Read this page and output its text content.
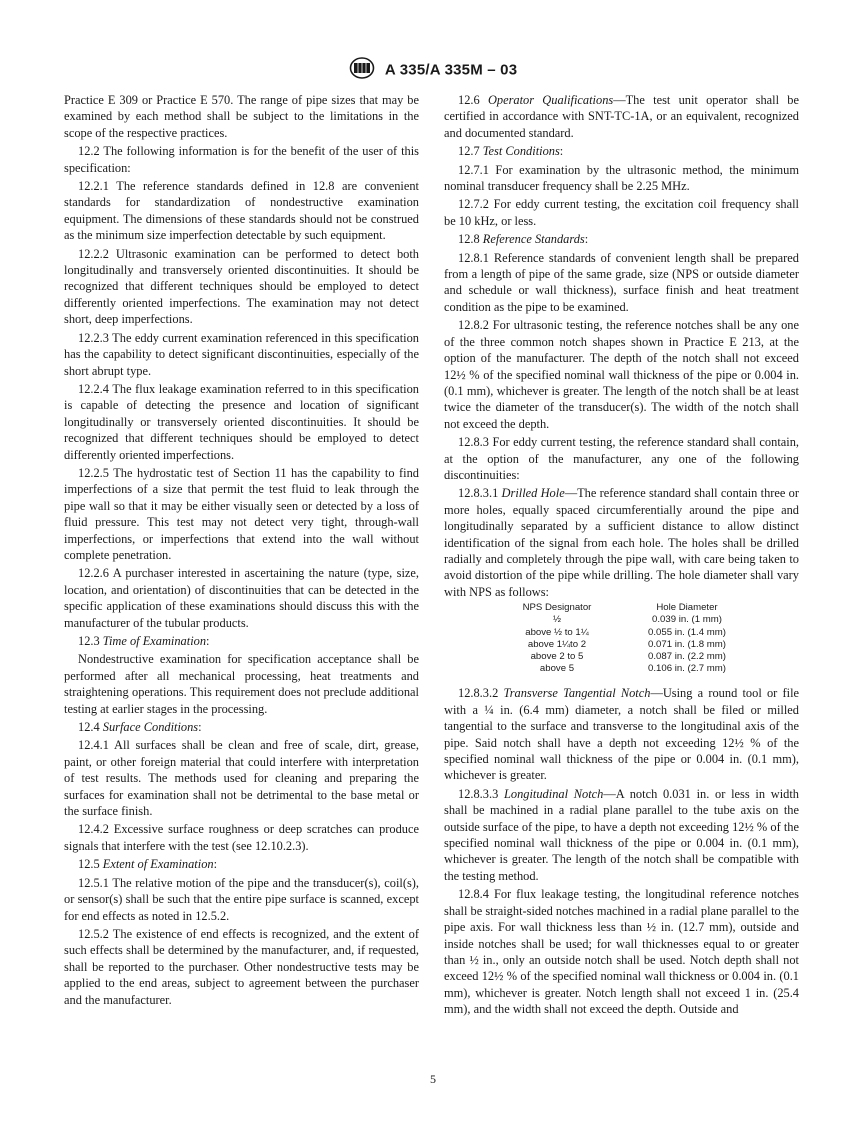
A 335/A 335M – 03

Practice E 309 or Practice E 570. The range of pipe sizes that may be examined by each method shall be subject to the limitations in the scope of the respective practices.

12.2 The following information is for the benefit of the user of this specification:

12.2.1 The reference standards defined in 12.8 are convenient standards for standardization of nondestructive examination equipment. The dimensions of these standards should not be construed as the minimum size imperfection detectable by such equipment.

12.2.2 Ultrasonic examination can be performed to detect both longitudinally and transversely oriented discontinuities. It should be recognized that different techniques should be employed to detect differently oriented imperfections. The examination may not detect short, deep imperfections.

12.2.3 The eddy current examination referenced in this specification has the capability to detect significant discontinuities, especially of the short abrupt type.

12.2.4 The flux leakage examination referred to in this specification is capable of detecting the presence and location of significant longitudinally or transversely oriented discontinuities. It should be recognized that different techniques should be employed to detect differently oriented imperfections.

12.2.5 The hydrostatic test of Section 11 has the capability to find imperfections of a size that permit the test fluid to leak through the pipe wall so that it may be either visually seen or detected by a loss of fluid pressure. This test may not detect very tight, through-wall imperfections, or imperfections that extend into the wall without complete penetration.

12.2.6 A purchaser interested in ascertaining the nature (type, size, location, and orientation) of discontinuities that can be detected in the specific application of these examinations should discuss this with the manufacturer of the tubular products.

12.3 Time of Examination:

Nondestructive examination for specification acceptance shall be performed after all mechanical processing, heat treatments and straightening operations. This requirement does not preclude additional testing at earlier stages in the processing.

12.4 Surface Conditions:

12.4.1 All surfaces shall be clean and free of scale, dirt, grease, paint, or other foreign material that could interfere with interpretation of test results. The methods used for cleaning and preparing the surfaces for examination shall not be detrimental to the base metal or the surface finish.

12.4.2 Excessive surface roughness or deep scratches can produce signals that interfere with the test (see 12.10.2.3).

12.5 Extent of Examination:

12.5.1 The relative motion of the pipe and the transducer(s), coil(s), or sensor(s) shall be such that the entire pipe surface is scanned, except for end effects as noted in 12.5.2.

12.5.2 The existence of end effects is recognized, and the extent of such effects shall be determined by the manufacturer, and, if requested, shall be reported to the purchaser. Other nondestructive tests may be applied to the end areas, subject to agreement between the purchaser and the manufacturer.

12.6 Operator Qualifications—The test unit operator shall be certified in accordance with SNT-TC-1A, or an equivalent, recognized and documented standard.

12.7 Test Conditions:

12.7.1 For examination by the ultrasonic method, the minimum nominal transducer frequency shall be 2.25 MHz.

12.7.2 For eddy current testing, the excitation coil frequency shall be 10 kHz, or less.

12.8 Reference Standards:

12.8.1 Reference standards of convenient length shall be prepared from a length of pipe of the same grade, size (NPS or outside diameter and schedule or wall thickness), surface finish and heat treatment condition as the pipe to be examined.

12.8.2 For ultrasonic testing, the reference notches shall be any one of the three common notch shapes shown in Practice E 213, at the option of the manufacturer. The depth of the notch shall not exceed 12½ % of the specified nominal wall thickness of the pipe or 0.004 in. (0.1 mm), whichever is greater. The length of the notch shall be at least twice the diameter of the transducer(s). The width of the notch shall not exceed the depth.

12.8.3 For eddy current testing, the reference standard shall contain, at the option of the manufacturer, any one of the following discontinuities:

12.8.3.1 Drilled Hole—The reference standard shall contain three or more holes, equally spaced circumferentially around the pipe and longitudinally separated by a sufficient distance to allow distinct identification of the signal from each hole. The holes shall be drilled radially and completely through the pipe wall, with care being taken to avoid distortion of the pipe while drilling. The hole diameter shall vary with NPS as follows:

NPS Designator	Hole Diameter
½	0.039 in. (1 mm)
above ½ to 1¼	0.055 in. (1.4 mm)
above 1¼to 2	0.071 in. (1.8 mm)
above 2 to 5	0.087 in. (2.2 mm)
above 5	0.106 in. (2.7 mm)

12.8.3.2 Transverse Tangential Notch—Using a round tool or file with a ¼ in. (6.4 mm) diameter, a notch shall be filed or milled tangential to the surface and transverse to the longitudinal axis of the pipe. Said notch shall have a depth not exceeding 12½ % of the specified nominal wall thickness of the pipe or 0.004 in. (0.1 mm), whichever is greater.

12.8.3.3 Longitudinal Notch—A notch 0.031 in. or less in width shall be machined in a radial plane parallel to the tube axis on the outside surface of the pipe, to have a depth not exceeding 12½ % of the specified nominal wall thickness of the pipe or 0.004 in. (0.1 mm), whichever is greater. The length of the notch shall be compatible with the testing method.

12.8.4 For flux leakage testing, the longitudinal reference notches shall be straight-sided notches machined in a radial plane parallel to the pipe axis. For wall thickness less than ½ in. (12.7 mm), outside and inside notches shall be used; for wall thicknesses equal to or greater than ½ in., only an outside notch shall be used. Notch depth shall not exceed 12½ % of the specified nominal wall thickness or 0.004 in. (0.1 mm), whichever is greater. Notch length shall not exceed 1 in. (25.4 mm), and the width shall not exceed the depth. Outside and

5
